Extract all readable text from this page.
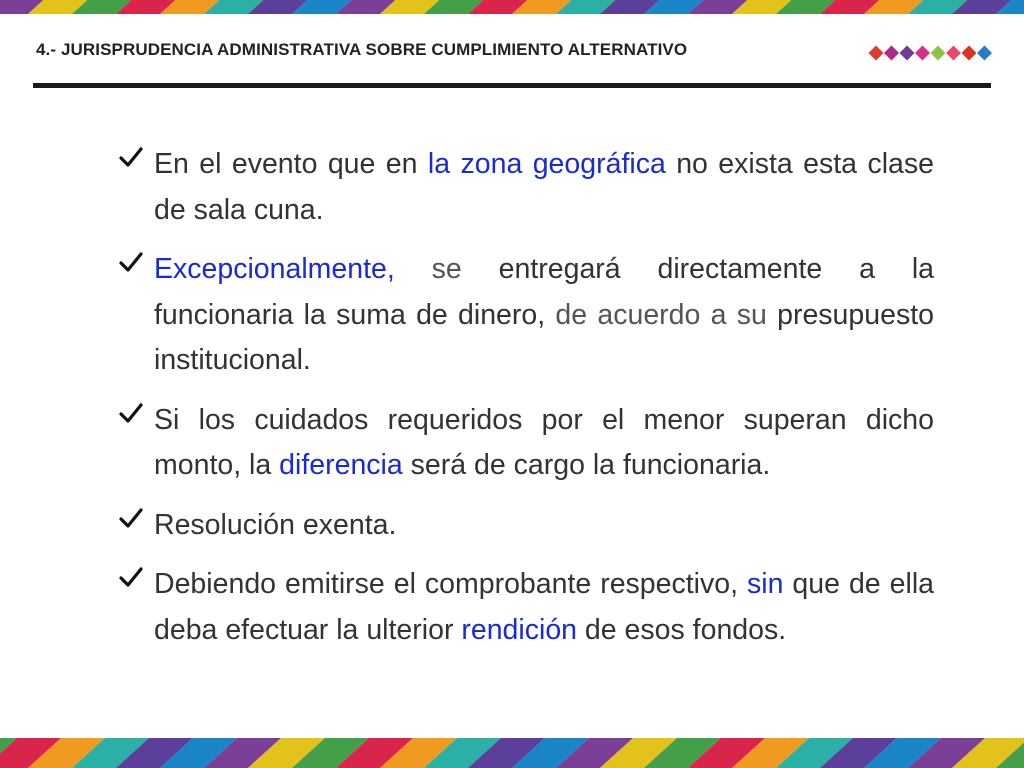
4.- JURISPRUDENCIA ADMINISTRATIVA SOBRE CUMPLIMIENTO ALTERNATIVO
En el evento que en la zona geográfica no exista esta clase de sala cuna.
Excepcionalmente, se entregará directamente a la funcionaria la suma de dinero, de acuerdo a su presupuesto institucional.
Si los cuidados requeridos por el menor superan dicho monto, la diferencia será de cargo la funcionaria.
Resolución exenta.
Debiendo emitirse el comprobante respectivo, sin que de ella deba efectuar la ulterior rendición de esos fondos.
